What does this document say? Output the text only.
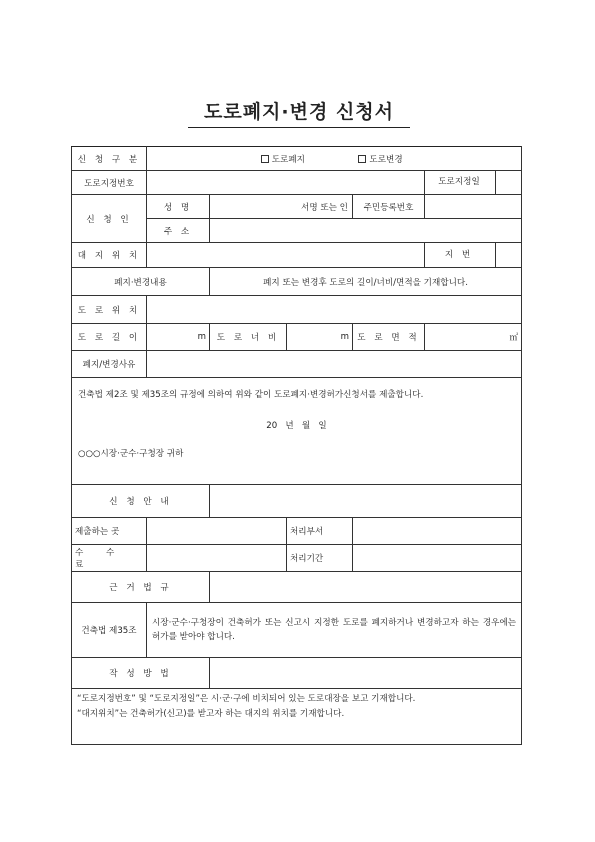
도로폐지·변경 신청서
신 청 구 분	도로폐지 도로변경				
도로지정번호					도로지정일

신 청 인	성 명	서명 또는 인		주민등록번호	
	주 소				
대 지 위 치					지 번

폐지·변경내용		폐지 또는 변경후 도로의 길이/너비/면적을 기재합니다.			
도 로 위 치					
도 로 길 이	m	도 로 너 비	m	도 로 면 적	㎡
폐지/변경사유					

건축법 제2조 및 제35조의 규정에 의하여 위와 같이 도로폐지·변경허가신청서를 제출합니다.
20   년   월   일
○○○시장·군수·구청장 귀하					

신 청 안 내					
제출하는 곳			처리부서		
수 수 료			처리기간		
근 거 법 규					
건축법 제35조	시장·군수·구청장이 건축허가 또는 신고시 지정한 도로를 폐지하거나 변경하고자 하는 경우에는 허가를 받아야 합니다.				
작 성 방 법					

“도로지정번호” 및 “도로지정일”은 시·군·구에 비치되어 있는 도로대장을 보고 기재합니다.
“대지위치”는 건축허가(신고)를 받고자 하는 대지의 위치를 기재합니다.					
